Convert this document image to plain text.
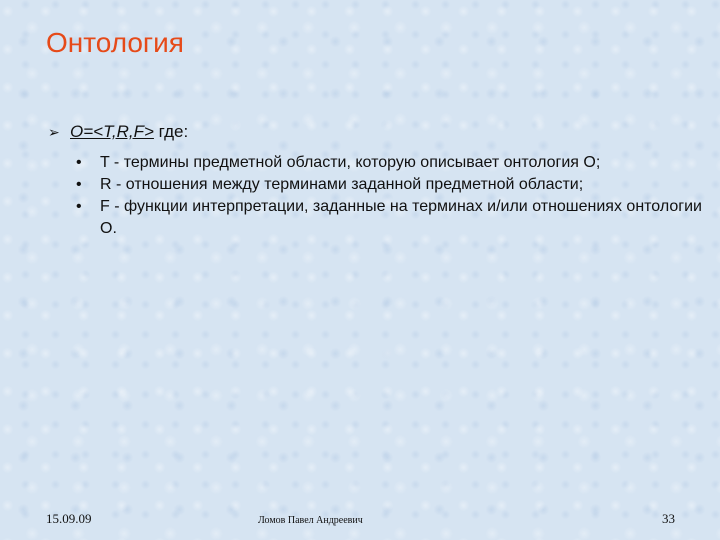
Онтология
➢ O=<T,R,F> где:
• T - термины предметной области, которую описывает онтология О;
• R - отношения между терминами заданной предметной области;
• F - функции интерпретации, заданные на терминах и/или отношениях онтологии О.
15.09.09	Ломов Павел Андреевич	33
